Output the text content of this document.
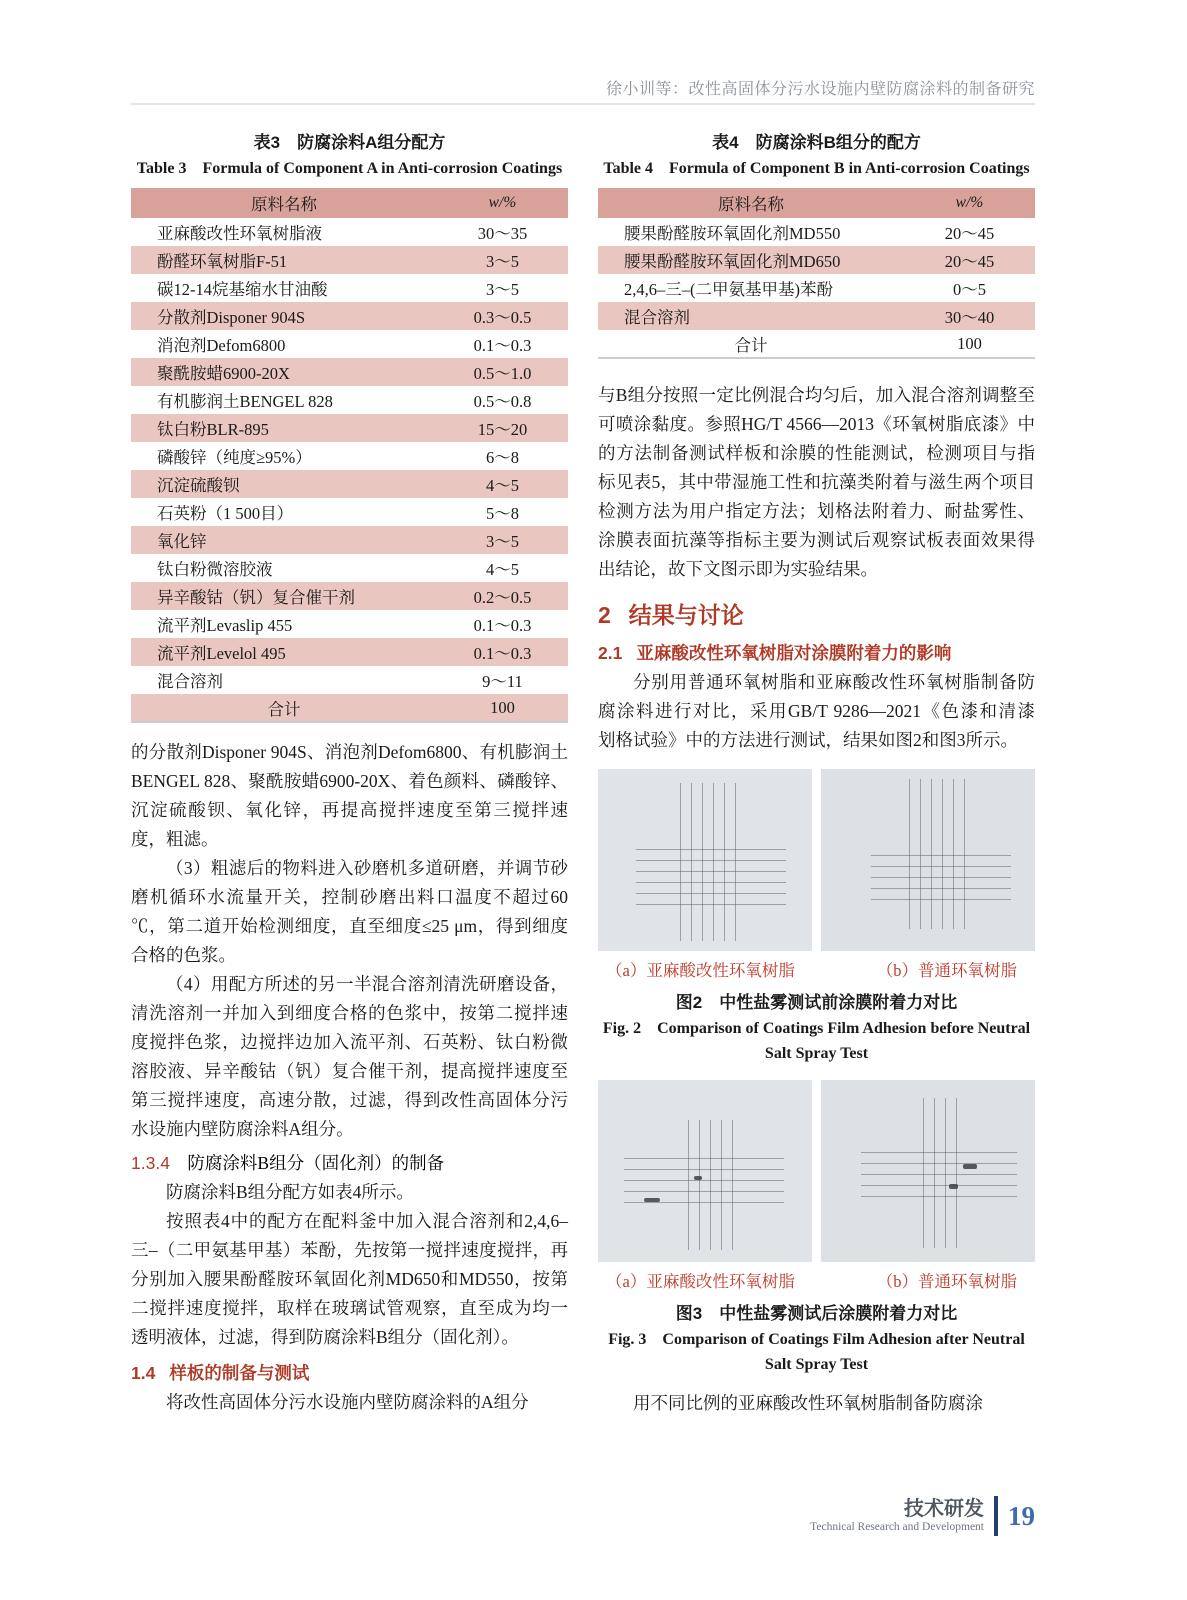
徐小训等：改性高固体分污水设施内壁防腐涂料的制备研究
表3　防腐涂料A组分配方
Table 3　Formula of Component A in Anti-corrosion Coatings
原料名称	w/%
亚麻酸改性环氧树脂液	30～35
酚醛环氧树脂F-51	3～5
碳12-14烷基缩水甘油酸	3～5
分散剂Disponer 904S	0.3～0.5
消泡剂Defom6800	0.1～0.3
聚酰胺蜡6900-20X	0.5～1.0
有机膨润土BENGEL 828	0.5～0.8
钛白粉BLR-895	15～20
磷酸锌（纯度≥95%）	6～8
沉淀硫酸钡	4～5
石英粉（1 500目）	5～8
氧化锌	3～5
钛白粉微溶胶液	4～5
异辛酸钴（钒）复合催干剂	0.2～0.5
流平剂Levaslip 455	0.1～0.3
流平剂Levelol 495	0.1～0.3
混合溶剂	9～11
合计	100
的分散剂Disponer 904S、消泡剂Defom6800、有机膨润土BENGEL 828、聚酰胺蜡6900-20X、着色颜料、磷酸锌、沉淀硫酸钡、氧化锌，再提高搅拌速度至第三搅拌速度，粗滤。
（3）粗滤后的物料进入砂磨机多道研磨，并调节砂磨机循环水流量开关，控制砂磨出料口温度不超过60 ℃，第二道开始检测细度，直至细度≤25 μm，得到细度合格的色浆。
（4）用配方所述的另一半混合溶剂清洗研磨设备，清洗溶剂一并加入到细度合格的色浆中，按第二搅拌速度搅拌色浆，边搅拌边加入流平剂、石英粉、钛白粉微溶胶液、异辛酸钴（钒）复合催干剂，提高搅拌速度至第三搅拌速度，高速分散，过滤，得到改性高固体分污水设施内壁防腐涂料A组分。
1.3.4　防腐涂料B组分（固化剂）的制备
防腐涂料B组分配方如表4所示。
按照表4中的配方在配料釜中加入混合溶剂和2,4,6–三–（二甲氨基甲基）苯酚，先按第一搅拌速度搅拌，再分别加入腰果酚醛胺环氧固化剂MD650和MD550，按第二搅拌速度搅拌，取样在玻璃试管观察，直至成为均一透明液体，过滤，得到防腐涂料B组分（固化剂）。
1.4 样板的制备与测试
将改性高固体分污水设施内壁防腐涂料的A组分
表4　防腐涂料B组分的配方
Table 4　Formula of Component B in Anti-corrosion Coatings
原料名称	w/%
腰果酚醛胺环氧固化剂MD550	20～45
腰果酚醛胺环氧固化剂MD650	20～45
2,4,6–三–(二甲氨基甲基)苯酚	0～5
混合溶剂	30～40
合计	100
与B组分按照一定比例混合均匀后，加入混合溶剂调整至可喷涂黏度。参照HG/T 4566—2013《环氧树脂底漆》中的方法制备测试样板和涂膜的性能测试，检测项目与指标见表5，其中带湿施工性和抗藻类附着与滋生两个项目检测方法为用户指定方法；划格法附着力、耐盐雾性、涂膜表面抗藻等指标主要为测试后观察试板表面效果得出结论，故下文图示即为实验结果。
2 结果与讨论
2.1 亚麻酸改性环氧树脂对涂膜附着力的影响
分别用普通环氧树脂和亚麻酸改性环氧树脂制备防腐涂料进行对比，采用GB/T 9286—2021《色漆和清漆　划格试验》中的方法进行测试，结果如图2和图3所示。
（a）亚麻酸改性环氧树脂	（b）普通环氧树脂
图2　中性盐雾测试前涂膜附着力对比
Fig. 2　Comparison of Coatings Film Adhesion before Neutral Salt Spray Test
（a）亚麻酸改性环氧树脂	（b）普通环氧树脂
图3　中性盐雾测试后涂膜附着力对比
Fig. 3　Comparison of Coatings Film Adhesion after Neutral Salt Spray Test
用不同比例的亚麻酸改性环氧树脂制备防腐涂
技术研发
Technical Research and Development 19
